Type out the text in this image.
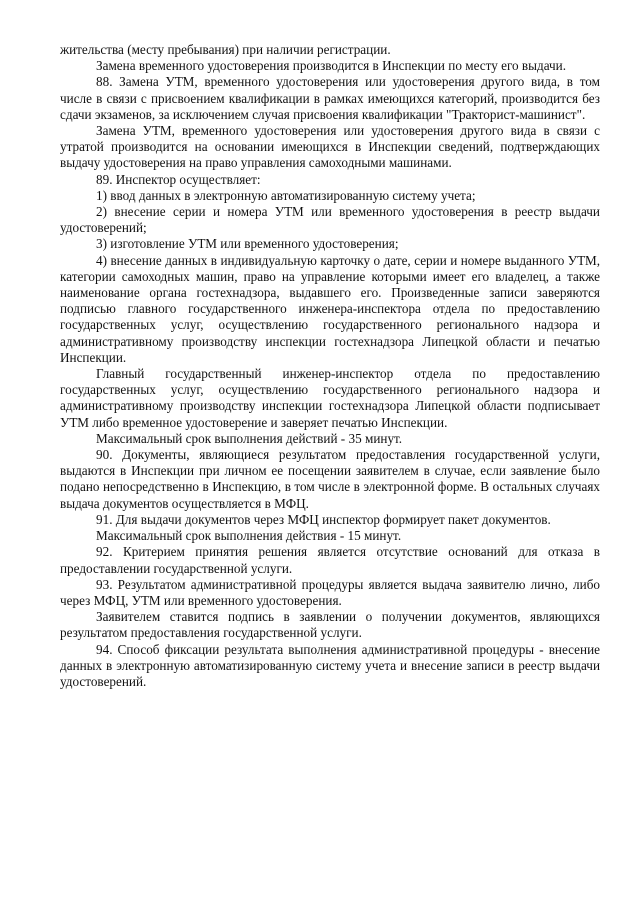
жительства (месту пребывания) при наличии регистрации.

Замена временного удостоверения производится в Инспекции по месту его выдачи.

88. Замена УТМ, временного удостоверения или удостоверения другого вида, в том числе в связи с присвоением квалификации в рамках имеющихся категорий, производится без сдачи экзаменов, за исключением случая присвоения квалификации "Тракторист-машинист".

Замена УТМ, временного удостоверения или удостоверения другого вида в связи с утратой производится на основании имеющихся в Инспекции сведений, подтверждающих выдачу удостоверения на право управления самоходными машинами.

89. Инспектор осуществляет:

1) ввод данных в электронную автоматизированную систему учета;

2) внесение серии и номера УТМ или временного удостоверения в реестр выдачи удостоверений;

3) изготовление УТМ или временного удостоверения;

4) внесение данных в индивидуальную карточку о дате, серии и номере выданного УТМ, категории самоходных машин, право на управление которыми имеет его владелец, а также наименование органа гостехнадзора, выдавшего его. Произведенные записи заверяются подписью главного государственного инженера-инспектора отдела по предоставлению государственных услуг, осуществлению государственного регионального надзора и административному производству инспекции гостехнадзора Липецкой области и печатью Инспекции.

Главный государственный инженер-инспектор отдела по предоставлению государственных услуг, осуществлению государственного регионального надзора и административному производству инспекции гостехнадзора Липецкой области подписывает УТМ либо временное удостоверение и заверяет печатью Инспекции.

Максимальный срок выполнения действий - 35 минут.

90. Документы, являющиеся результатом предоставления государственной услуги, выдаются в Инспекции при личном ее посещении заявителем в случае, если заявление было подано непосредственно в Инспекцию, в том числе в электронной форме. В остальных случаях выдача документов осуществляется в МФЦ.

91. Для выдачи документов через МФЦ инспектор формирует пакет документов.

Максимальный срок выполнения действия - 15 минут.

92. Критерием принятия решения является отсутствие оснований для отказа в предоставлении государственной услуги.

93. Результатом административной процедуры является выдача заявителю лично, либо через МФЦ, УТМ или временного удостоверения.

Заявителем ставится подпись в заявлении о получении документов, являющихся результатом предоставления государственной услуги.

94. Способ фиксации результата выполнения административной процедуры - внесение данных в электронную автоматизированную систему учета и внесение записи в реестр выдачи удостоверений.
